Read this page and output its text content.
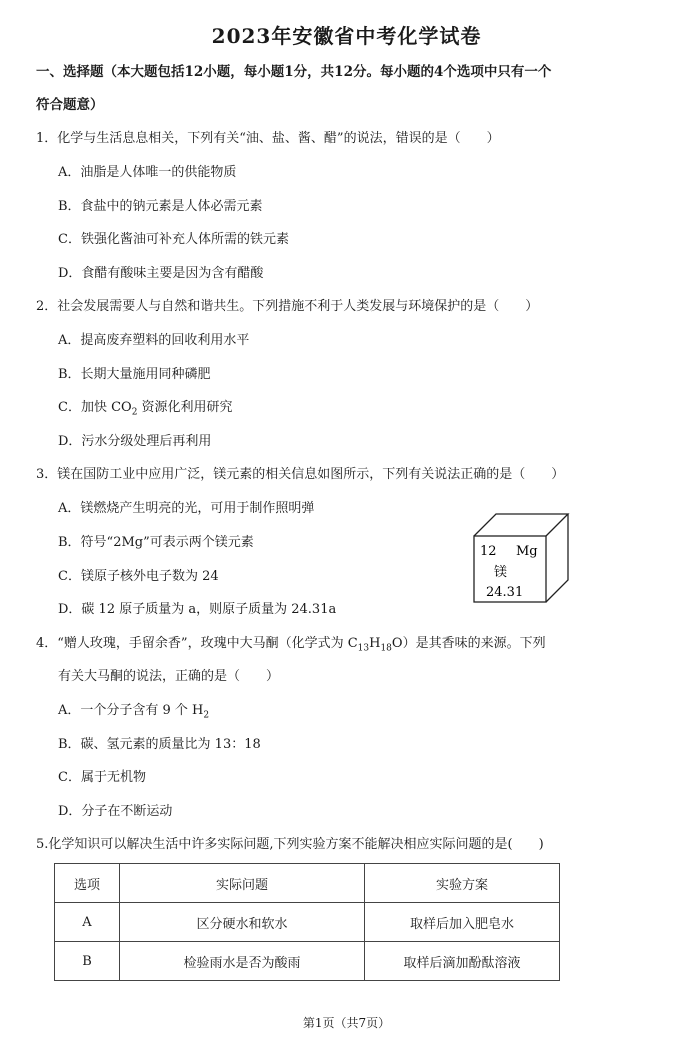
2023年安徽省中考化学试卷
一、选择题（本大题包括12小题，每小题1分，共12分。每小题的4个选项中只有一个
符合题意）
1．化学与生活息息相关，下列有关“油、盐、酱、醋”的说法，错误的是（　　）
A．油脂是人体唯一的供能物质
B．食盐中的钠元素是人体必需元素
C．铁强化酱油可补充人体所需的铁元素
D．食醋有酸味主要是因为含有醋酸
2．社会发展需要人与自然和谐共生。下列措施不利于人类发展与环境保护的是（　　）
A．提高废弃塑料的回收利用水平
B．长期大量施用同种磷肥
C．加快 $CO_2$ 资源化利用研究
D．污水分级处理后再利用
3．镁在国防工业中应用广泛，镁元素的相关信息如图所示，下列有关说法正确的是（　　）
A．镁燃烧产生明亮的光，可用于制作照明弹
B．符号“2Mg”可表示两个镁元素
C．镁原子核外电子数为 24
D．碳 12 原子质量为 a，则原子质量为 24.31a
12 Mg
镁
24.31
4．“赠人玫瑰，手留余香”，玫瑰中大马酮（化学式为 $C_{13}H_{18}O$）是其香味的来源。下列
有关大马酮的说法，正确的是（　　）
A．一个分子含有 9 个 $H_2$
B．碳、氢元素的质量比为 13：18
C．属于无机物
D．分子在不断运动
5.化学知识可以解决生活中许多实际问题,下列实验方案不能解决相应实际问题的是(　　)
选项	实际问题	实验方案
A	区分硬水和软水	取样后加入肥皂水
B	检验雨水是否为酸雨	取样后滴加酚酞溶液
第1页（共7页）
